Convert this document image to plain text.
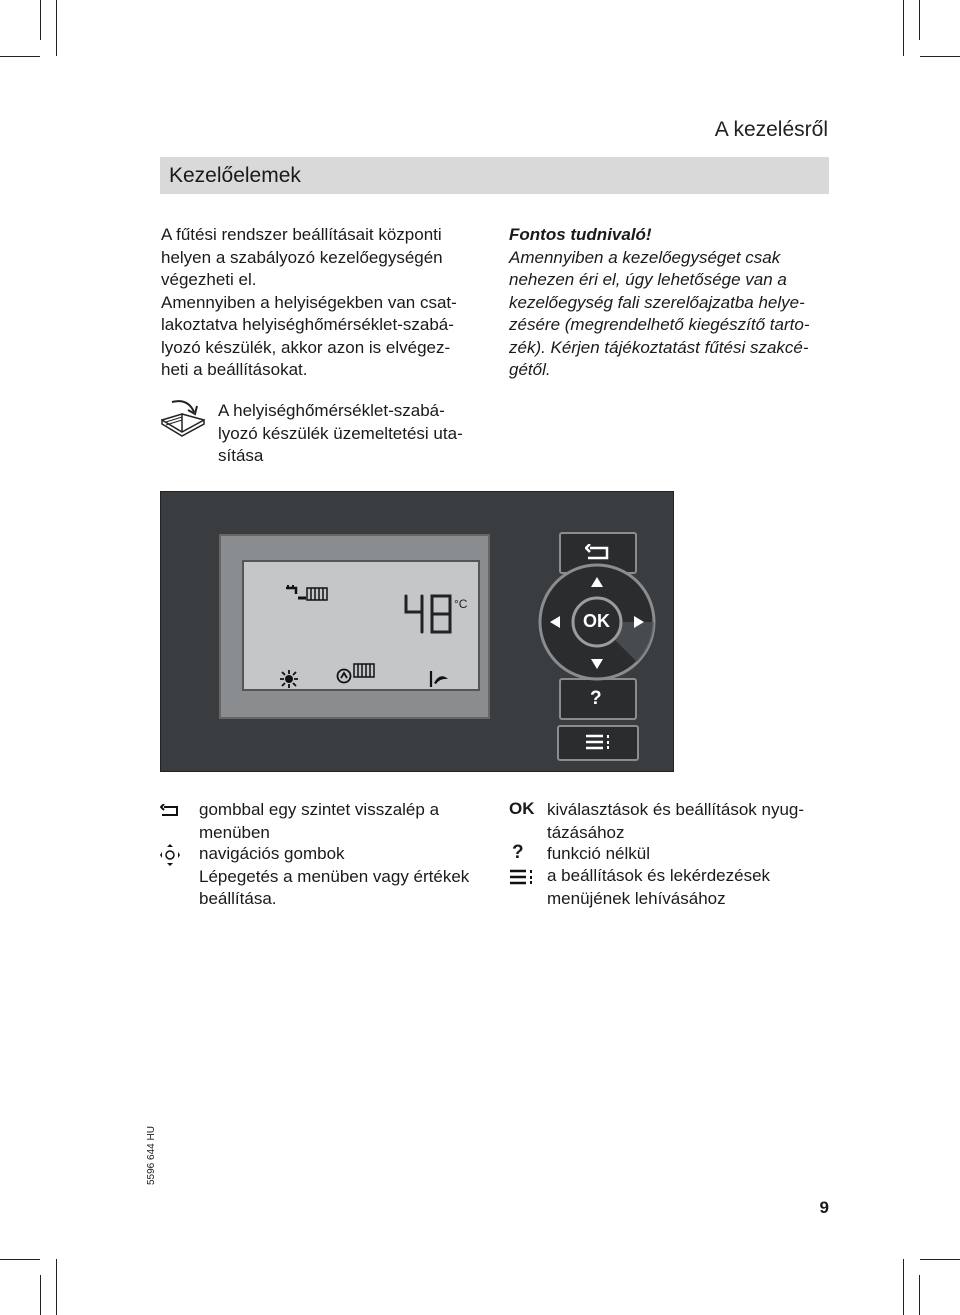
A kezelésről
Kezelőelemek
A fűtési rendszer beállításait központi
helyen a szabályozó kezelőegységén
végezheti el.
Amennyiben a helyiségekben van csat-
lakoztatva helyiséghőmérséklet-szabá-
lyozó készülék, akkor azon is elvégez-
heti a beállításokat.
Fontos tudnivaló!
Amennyiben a kezelőegységet csak
nehezen éri el, úgy lehetősége van a
kezelőegység fali szerelőajzatba helye-
zésére (megrendelhető kiegészítő tarto-
zék). Kérjen tájékoztatást fűtési szakcé-
gétől.
A helyiséghőmérséklet-szabá-
lyozó készülék üzemeltetési uta-
sítása
°C
?
OK
gombbal egy szintet visszalép a
menüben
navigációs gombok
Lépegetés a menüben vagy értékek
beállítása.
OK kiválasztások és beállítások nyug-
tázásához
? funkció nélkül
a beállítások és lekérdezések
menüjének lehívásához
5596 644 HU
9
